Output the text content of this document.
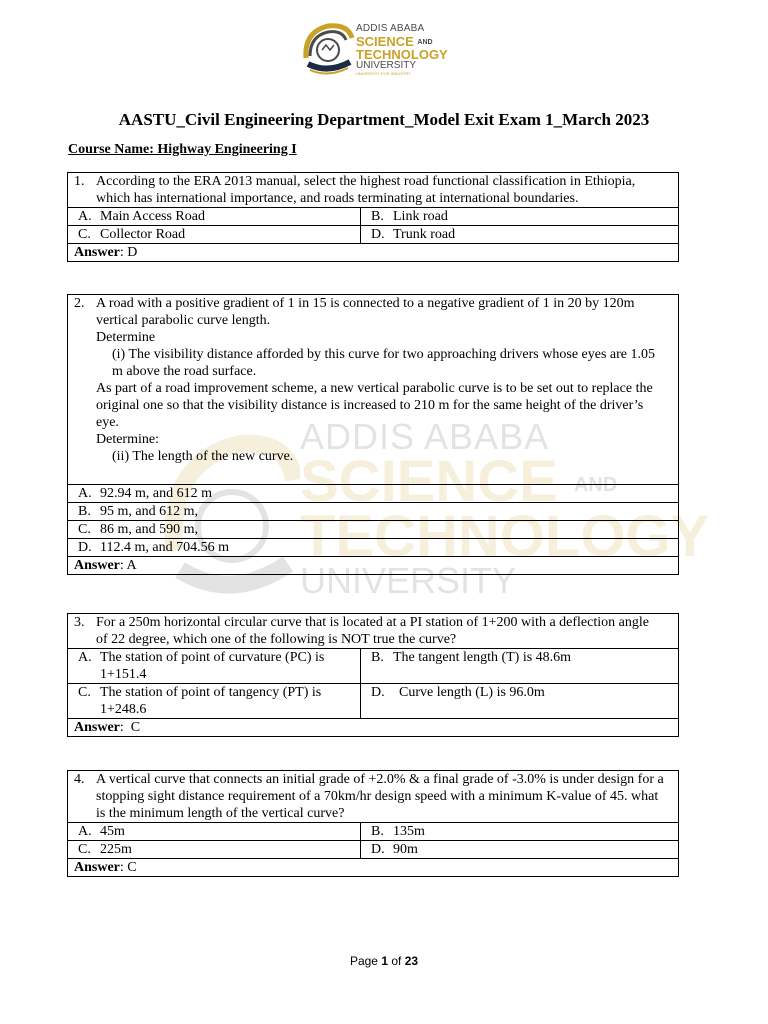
ADDIS ABABA
SCIENCE AND
TECHNOLOGY
UNIVERSITY
UNIVERSITY FOR INDUSTRY
ADDIS ABABA
SCIENCE AND
TECHNOLOGY
UNIVERSITY
AASTU_Civil Engineering Department_Model Exit Exam 1_March 2023
Course Name: Highway Engineering I
1. According to the ERA 2013 manual, select the highest road functional classification in Ethiopia, which has international importance, and roads terminating at international boundaries.	

A. Main Access Road	B. Link road

C. Collector Road	D. Trunk road

Answer: D	
2. A road with a positive gradient of 1 in 15 is connected to a negative gradient of 1 in 20 by 120m vertical parabolic curve length.
Determine
(i) The visibility distance afforded by this curve for two approaching drivers whose eyes are 1.05 m above the road surface.
As part of a road improvement scheme, a new vertical parabolic curve is to be set out to replace the original one so that the visibility distance is increased to 210 m for the same height of the driver’s eye.
Determine:
(ii) The length of the new curve.

A. 92.94 m, and 612 m

B. 95 m, and 612 m,

C. 86 m, and 590 m,

D. 112.4 m, and 704.56 m

Answer: A
3. For a 250m horizontal circular curve that is located at a PI station of 1+200 with a deflection angle of 22 degree, which one of the following is NOT true the curve?	

A. The station of point of curvature (PC) is 1+151.4	B. The tangent length (T) is 48.6m

C. The station of point of tangency (PT) is   1+248.6	D. Curve length (L) is 96.0m

Answer:  C	
4. A vertical curve that connects an initial grade of +2.0% & a final grade of -3.0% is under design for a stopping sight distance requirement of a 70km/hr design speed with a minimum K-value of 45. what is the minimum length of the vertical curve?	

A. 45m	B. 135m

C. 225m	D. 90m

Answer: C	
Page 1 of 23
